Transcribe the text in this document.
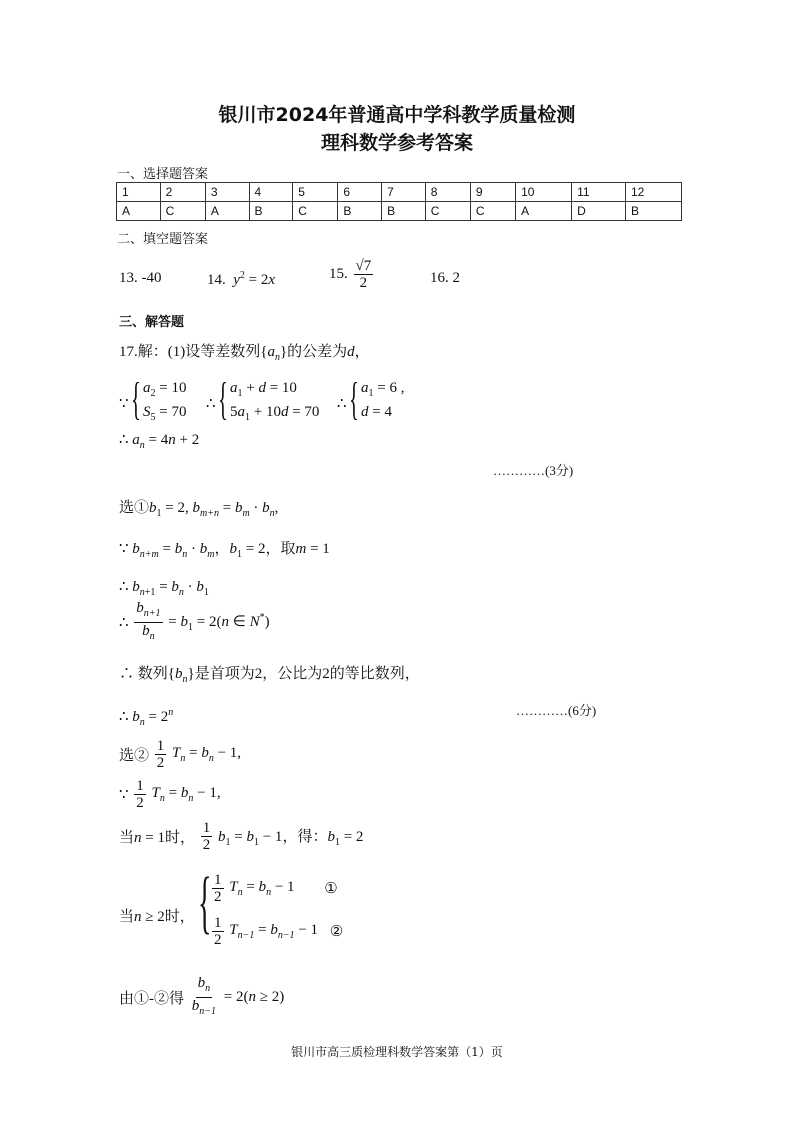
银川市2024年普通高中学科教学质量检测
理科数学参考答案
一、选择题答案
1	2	3	4	5	6	7	8	9	10	11	12
A	C	A	B	C	B	B	C	C	A	D	B
二、填空题答案
13. -40	14. $y^2 = 2x$	15. $\frac{√7}{2}$	16. 2
三、解答题
17.解：(1)设等差数列$\{a_n\}$的公差为d，
∵ { $a_2 = 10$
$S_5 = 70$ ∴ { $a_1 + d = 10$
$5a_1 + 10d = 70$ ∴ { $a_1 = 6$ ,
d = 4
∴ $a_n = 4n + 2$
…………(3分)
选$①b_1 = 2$, $b_{m+n} = b_m \cdot b_n$,
∵ $b_{n+m} = b_n \cdot b_m$，$b_1 = 2$，取m = 1
∴ $b_{n+1} = b_n \cdot b_1$
∴ $\frac{b_{n+1}}{b_n} = b_1 = 2(n$ ∈ N*)
∴ 数列$\{b_n\}$是首项为2，公比为2的等比数列，
∴ $b_n = 2^n$	…………(6分)
选② $\frac{1}{2} T_n = b_n - 1$,
∵ $\frac{1}{2} T_n = b_n - 1$,
当n = 1时， $\frac{1}{2} b_1 = b_1 - 1$，得：$b_1 = 2$
当n ≥ 2时， { $\frac{1}{2} T_n = b_n - 1$ ①
$\frac{1}{2} T_{n-1} = b_{n-1} - 1$ ②
由①-②得 $\frac{b_n}{b_{n-1}} = 2(n \ge 2)$
银川市高三质检理科数学答案第（1）页
